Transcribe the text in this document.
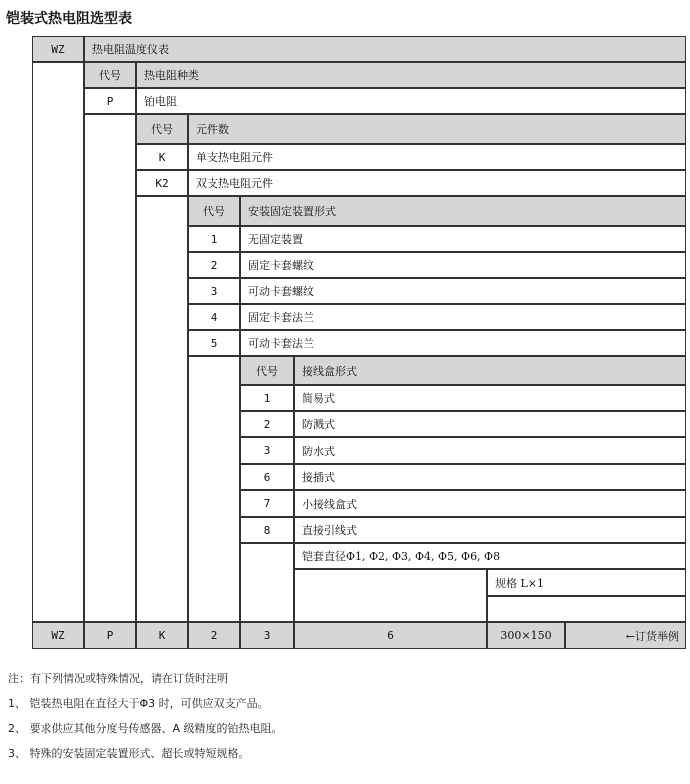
铠装式热电阻选型表
WZ	热电阻温度仪表
代号	热电阻种类
P	铂电阻
代号	元件数
K	单支热电阻元件
K2	双支热电阻元件
代号	安装固定装置形式
1	无固定装置
2	固定卡套螺纹
3	可动卡套螺纹
4	固定卡套法兰
5	可动卡套法兰
代号	接线盒形式
1	简易式
2	防溅式
3	防水式
6	接插式
7	小接线盒式
8	直接引线式
铠套直径Φ1, Φ2, Φ3, Φ4, Φ5, Φ6, Φ8
规格 L×1
WZ	P	K	2	3	6	300×150	←订货举例
注：有下列情况或特殊情况，请在订货时注明
1、 铠装热电阻在直径大于Φ3 时，可供应双支产品。
2、 要求供应其他分度号传感器、A 级精度的铂热电阻。
3、 特殊的安装固定装置形式、超长或特短规格。
